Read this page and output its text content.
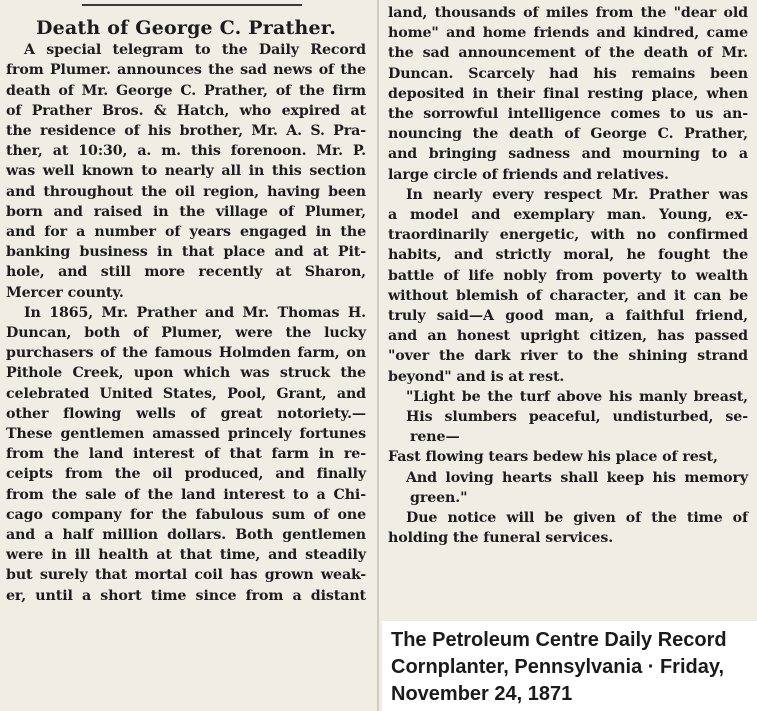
Death of George C. Prather.
A special telegram to the Daily Record
from Plumer. announces the sad news of the
death of Mr. George C. Prather, of the firm
of Prather Bros. & Hatch, who expired at
the residence of his brother, Mr. A. S. Pra-
ther, at 10:30, a. m. this forenoon. Mr. P.
was well known to nearly all in this section
and throughout the oil region, having been
born and raised in the village of Plumer,
and for a number of years engaged in the
banking business in that place and at Pit-
hole, and still more recently at Sharon,
Mercer county.
In 1865, Mr. Prather and Mr. Thomas H.
Duncan, both of Plumer, were the lucky
purchasers of the famous Holmden farm, on
Pithole Creek, upon which was struck the
celebrated United States, Pool, Grant, and
other flowing wells of great notoriety.—
These gentlemen amassed princely fortunes
from the land interest of that farm in re-
ceipts from the oil produced, and finally
from the sale of the land interest to a Chi-
cago company for the fabulous sum of one
and a half million dollars. Both gentlemen
were in ill health at that time, and steadily
but surely that mortal coil has grown weak-
er, until a short time since from a distant
land, thousands of miles from the "dear old
home" and home friends and kindred, came
the sad announcement of the death of Mr.
Duncan. Scarcely had his remains been
deposited in their final resting place, when
the sorrowful intelligence comes to us an-
nouncing the death of George C. Prather,
and bringing sadness and mourning to a
large circle of friends and relatives.
In nearly every respect Mr. Prather was
a model and exemplary man. Young, ex-
traordinarily energetic, with no confirmed
habits, and strictly moral, he fought the
battle of life nobly from poverty to wealth
without blemish of character, and it can be
truly said—A good man, a faithful friend,
and an honest upright citizen, has passed
"over the dark river to the shining strand
beyond" and is at rest.
"Light be the turf above his manly breast,
His slumbers peaceful, undisturbed, se-
rene—
Fast flowing tears bedew his place of rest,
And loving hearts shall keep his memory
green."
Due notice will be given of the time of
holding the funeral services.
The Petroleum Centre Daily Record
Cornplanter, Pennsylvania · Friday,
November 24, 1871
